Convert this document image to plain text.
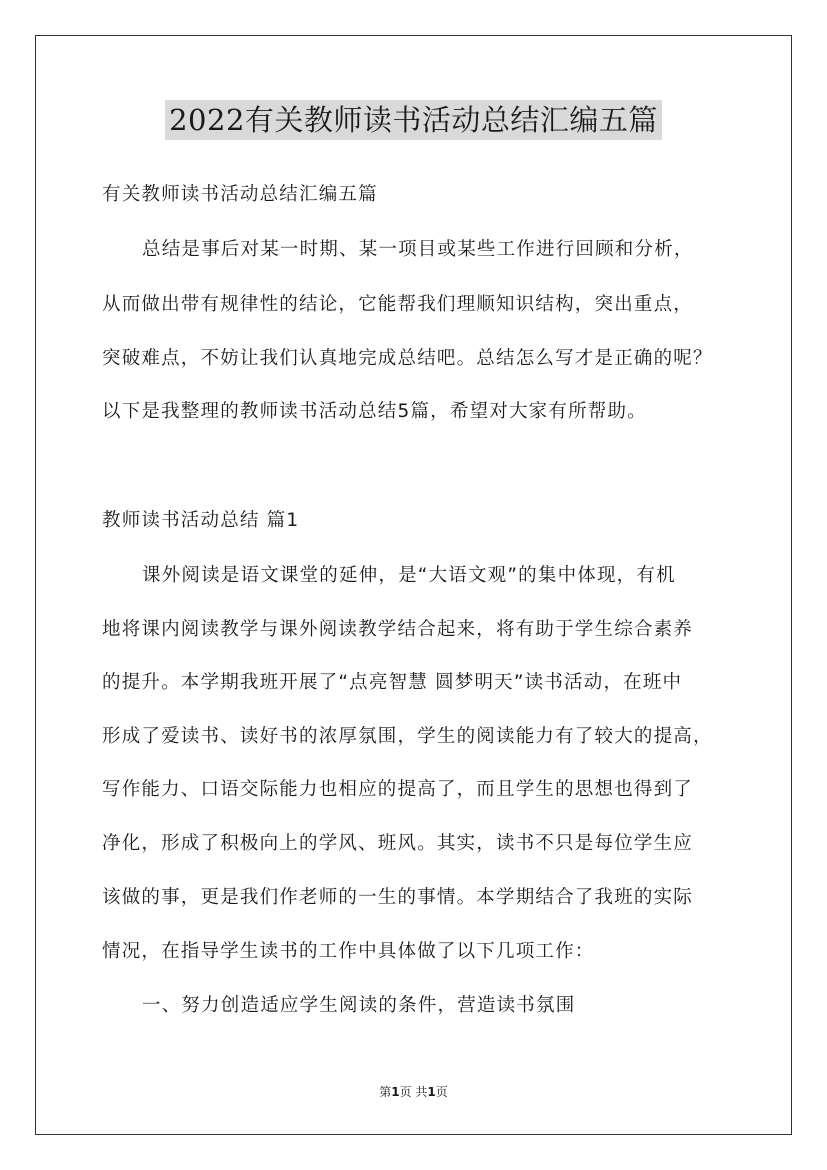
2022有关教师读书活动总结汇编五篇
有关教师读书活动总结汇编五篇
总结是事后对某一时期、某一项目或某些工作进行回顾和分析，
从而做出带有规律性的结论，它能帮我们理顺知识结构，突出重点，
突破难点，不妨让我们认真地完成总结吧。总结怎么写才是正确的呢？
以下是我整理的教师读书活动总结5篇，希望对大家有所帮助。
教师读书活动总结 篇1
课外阅读是语文课堂的延伸，是“大语文观”的集中体现，有机
地将课内阅读教学与课外阅读教学结合起来，将有助于学生综合素养
的提升。本学期我班开展了“点亮智慧 圆梦明天”读书活动，在班中
形成了爱读书、读好书的浓厚氛围，学生的阅读能力有了较大的提高，
写作能力、口语交际能力也相应的提高了，而且学生的思想也得到了
净化，形成了积极向上的学风、班风。其实，读书不只是每位学生应
该做的事，更是我们作老师的一生的事情。本学期结合了我班的实际
情况，在指导学生读书的工作中具体做了以下几项工作：
一、努力创造适应学生阅读的条件，营造读书氛围
第1页 共1页
